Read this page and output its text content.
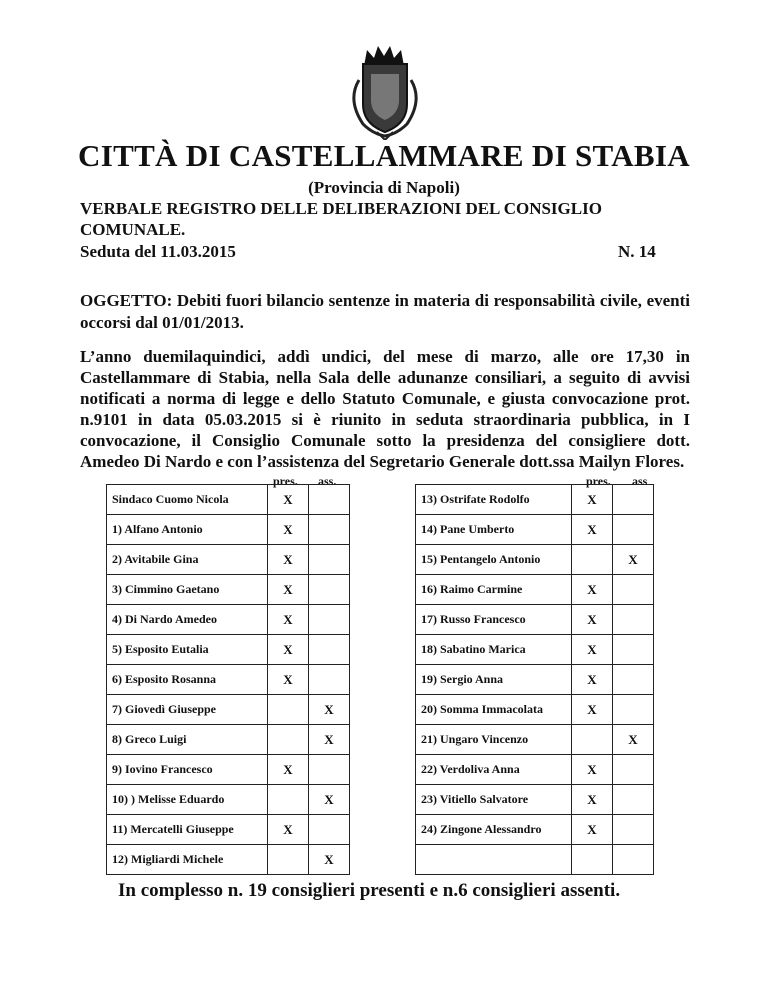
CITTÀ DI CASTELLAMMARE DI STABIA
(Provincia di Napoli)
VERBALE REGISTRO DELLE DELIBERAZIONI DEL CONSIGLIO
COMUNALE.
Seduta del 11.03.2015	N. 14
OGGETTO: Debiti fuori bilancio sentenze in materia di responsabilità civile, eventi occorsi dal 01/01/2013.
L’anno duemilaquindici, addì undici, del mese di marzo, alle ore 17,30 in Castellammare di Stabia, nella Sala delle adunanze consiliari, a seguito di avvisi notificati a norma di legge e dello Statuto Comunale, e giusta convocazione prot. n.9101 in data 05.03.2015 si è riunito in seduta straordinaria pubblica, in I convocazione, il Consiglio Comunale sotto la presidenza del consigliere dott. Amedeo Di Nardo e con l’assistenza del Segretario Generale dott.ssa Mailyn Flores.
pres. ass.	pres. ass
Sindaco Cuomo Nicola	X	
1) Alfano Antonio	X	
2) Avitabile Gina	X	
3) Cimmino Gaetano	X	
4) Di Nardo Amedeo	X	
5) Esposito Eutalia	X	
6) Esposito Rosanna	X	
7) Giovedì Giuseppe		X
8) Greco Luigi		X
9) Iovino Francesco	X	
10) ) Melisse Eduardo		X
11) Mercatelli Giuseppe	X	
12) Migliardi Michele		X
13) Ostrifate Rodolfo	X	
14) Pane Umberto	X	
15) Pentangelo Antonio		X
16) Raimo Carmine	X	
17) Russo Francesco	X	
18) Sabatino Marica	X	
19) Sergio Anna	X	
20) Somma Immacolata	X	
21) Ungaro Vincenzo		X
22) Verdoliva Anna	X	
23) Vitiello Salvatore	X	
24) Zingone Alessandro	X	

In complesso n. 19 consiglieri presenti e n.6 consiglieri assenti.
